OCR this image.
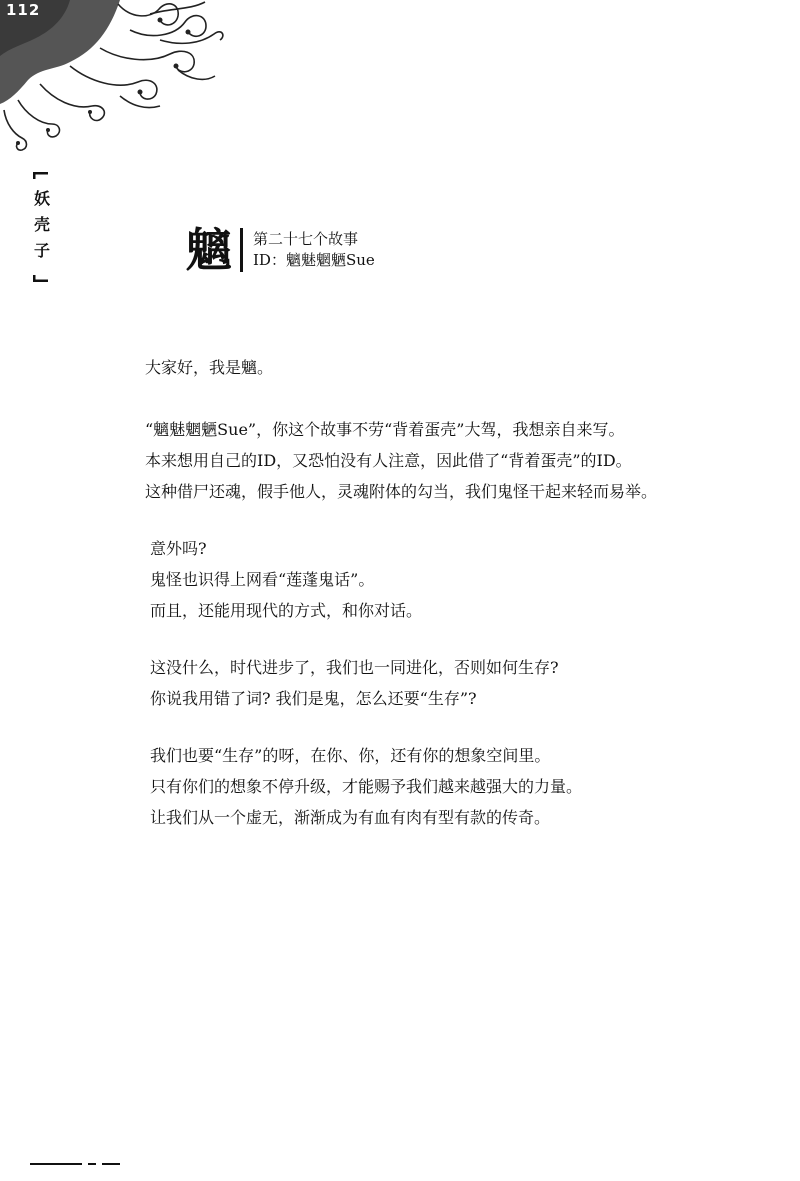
112
妖壳子	魑 第二十七个故事
ID：魑魅魍魉Sue

大家好，我是魑。

“魑魅魍魉Sue”，你这个故事不劳“背着蛋壳”大驾，我想亲自来写。

本来想用自己的ID，又恐怕没有人注意，因此借了“背着蛋壳”的ID。

这种借尸还魂，假手他人，灵魂附体的勾当，我们鬼怪干起来轻而易举。

意外吗?

鬼怪也识得上网看“莲蓬鬼话”。

而且，还能用现代的方式，和你对话。

这没什么，时代进步了，我们也一同进化，否则如何生存?

你说我用错了词? 我们是鬼，怎么还要“生存”?

我们也要“生存”的呀，在你、你，还有你的想象空间里。

只有你们的想象不停升级，才能赐予我们越来越强大的力量。

让我们从一个虚无，渐渐成为有血有肉有型有款的传奇。
